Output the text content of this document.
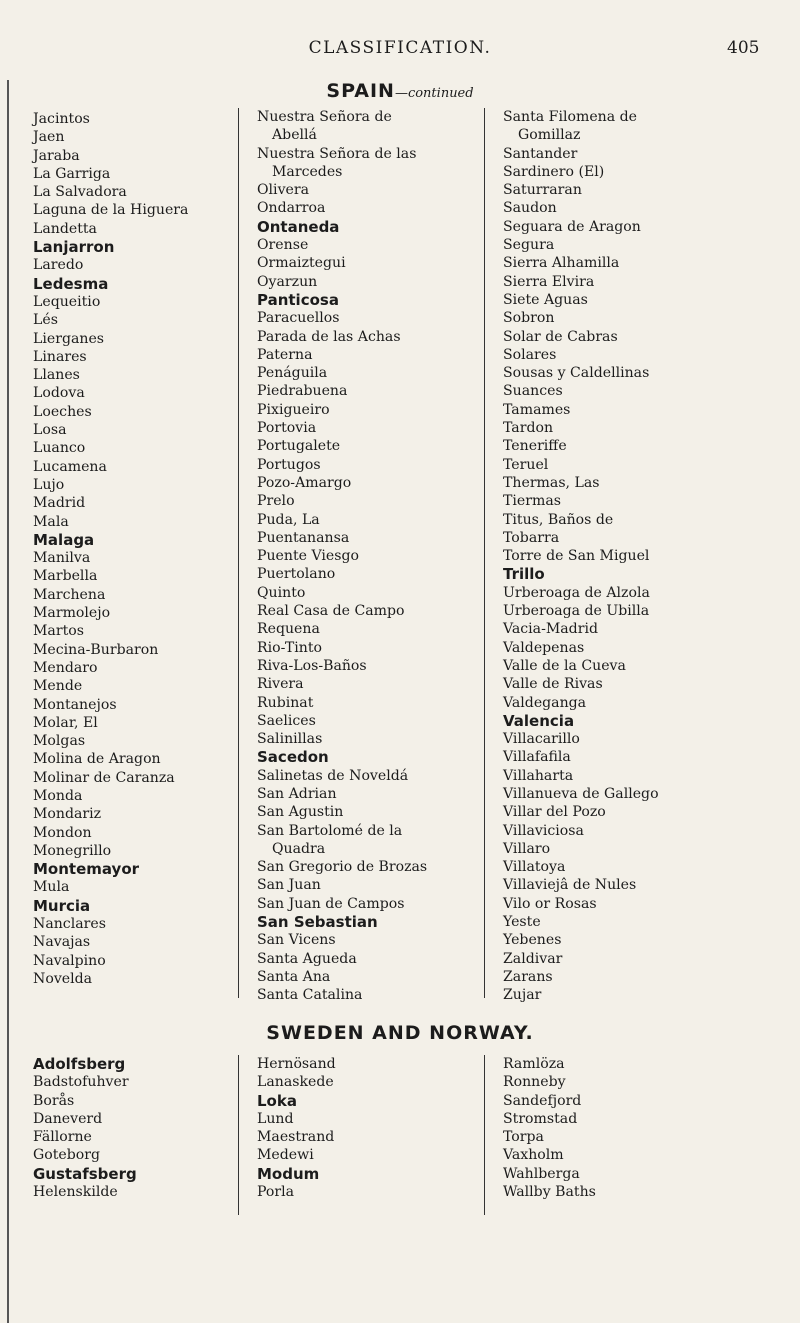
CLASSIFICATION.	405
SPAIN—continued
Jacintos
Jaen
Jaraba
La Garriga
La Salvadora
Laguna de la Higuera
Landetta
Lanjarron
Laredo
Ledesma
Lequeitio
Lés
Lierganes
Linares
Llanes
Lodova
Loeches
Losa
Luanco
Lucamena
Lujo
Madrid
Mala
Malaga
Manilva
Marbella
Marchena
Marmolejo
Martos
Mecina-Burbaron
Mendaro
Mende
Montanejos
Molar, El
Molgas
Molina de Aragon
Molinar de Caranza
Monda
Mondariz
Mondon
Monegrillo
Montemayor
Mula
Murcia
Nanclares
Navajas
Navalpino
Novelda
Nuestra Señora de
Abellá
Nuestra Señora de las
Marcedes
Olivera
Ondarroa
Ontaneda
Orense
Ormaiztegui
Oyarzun
Panticosa
Paracuellos
Parada de las Achas
Paterna
Penáguila
Piedrabuena
Pixigueiro
Portovia
Portugalete
Portugos
Pozo-Amargo
Prelo
Puda, La
Puentanansa
Puente Viesgo
Puertolano
Quinto
Real Casa de Campo
Requena
Rio-Tinto
Riva-Los-Baños
Rivera
Rubinat
Saelices
Salinillas
Sacedon
Salinetas de Noveldá
San Adrian
San Agustin
San Bartolomé de la
Quadra
San Gregorio de Brozas
San Juan
San Juan de Campos
San Sebastian
San Vicens
Santa Agueda
Santa Ana
Santa Catalina
Santa Filomena de
Gomillaz
Santander
Sardinero (El)
Saturraran
Saudon
Seguara de Aragon
Segura
Sierra Alhamilla
Sierra Elvira
Siete Aguas
Sobron
Solar de Cabras
Solares
Sousas y Caldellinas
Suances
Tamames
Tardon
Teneriffe
Teruel
Thermas, Las
Tiermas
Titus, Baños de
Tobarra
Torre de San Miguel
Trillo
Urberoaga de Alzola
Urberoaga de Ubilla
Vacia-Madrid
Valdepenas
Valle de la Cueva
Valle de Rivas
Valdeganga
Valencia
Villacarillo
Villafafila
Villaharta
Villanueva de Gallego
Villar del Pozo
Villaviciosa
Villaro
Villatoya
Villaviejâ de Nules
Vilo or Rosas
Yeste
Yebenes
Zaldivar
Zarans
Zujar
SWEDEN AND NORWAY.
Adolfsberg
Badstofuhver
Borås
Daneverd
Fällorne
Goteborg
Gustafsberg
Helenskilde
Hernösand
Lanaskede
Loka
Lund
Maestrand
Medewi
Modum
Porla
Ramlöza
Ronneby
Sandefjord
Stromstad
Torpa
Vaxholm
Wahlberga
Wallby Baths
